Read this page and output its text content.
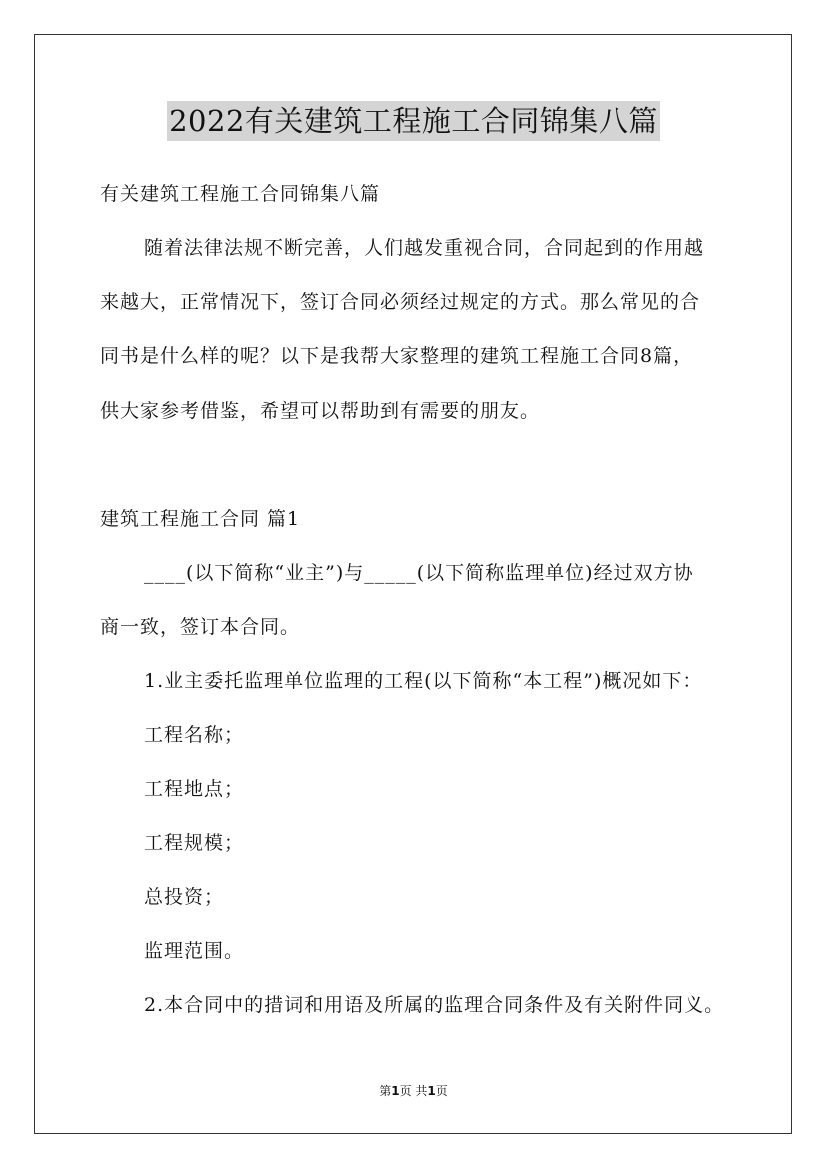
2022有关建筑工程施工合同锦集八篇
有关建筑工程施工合同锦集八篇
随着法律法规不断完善，人们越发重视合同，合同起到的作用越
来越大，正常情况下，签订合同必须经过规定的方式。那么常见的合
同书是什么样的呢？以下是我帮大家整理的建筑工程施工合同8篇，
供大家参考借鉴，希望可以帮助到有需要的朋友。
建筑工程施工合同 篇1
____(以下简称“业主”)与_____(以下简称监理单位)经过双方协
商一致，签订本合同。
1.业主委托监理单位监理的工程(以下简称“本工程”)概况如下：
工程名称；
工程地点；
工程规模；
总投资；
监理范围。
2.本合同中的措词和用语及所属的监理合同条件及有关附件同义。
第1页 共1页
